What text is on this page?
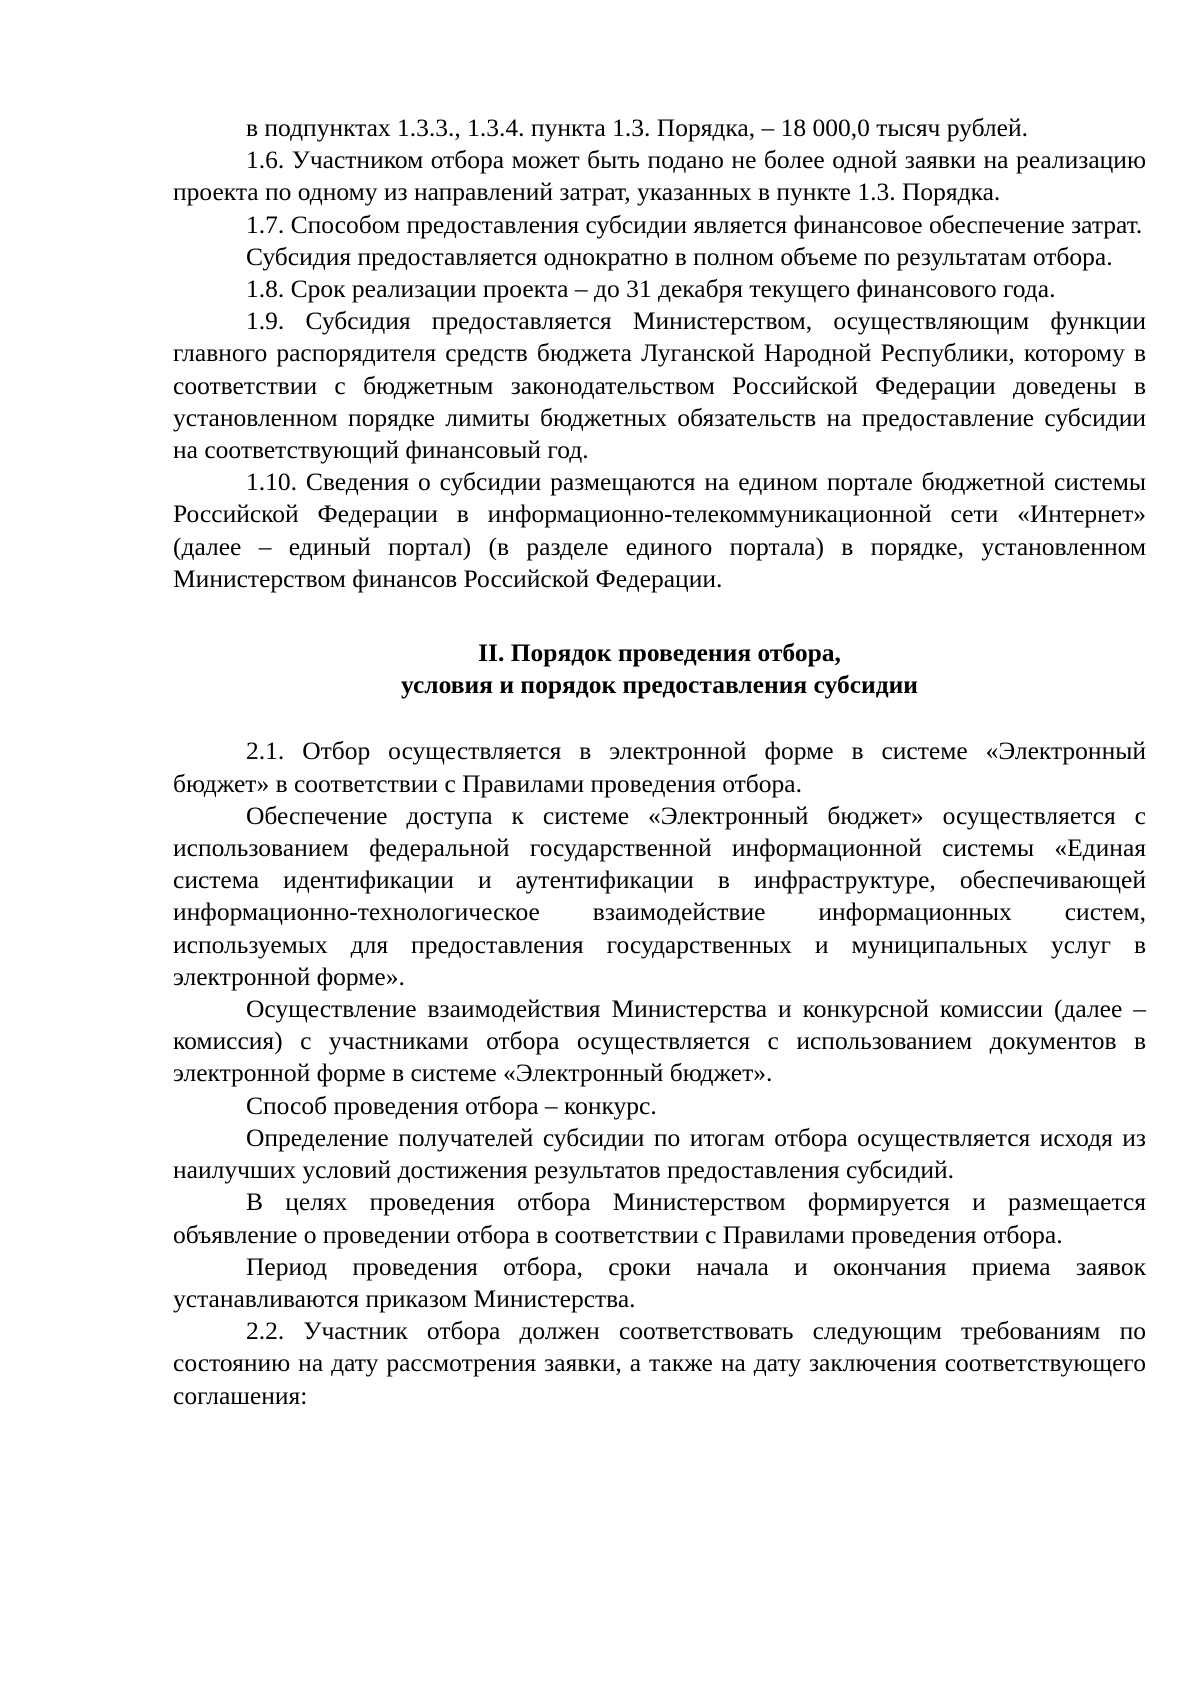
в подпунктах 1.3.3., 1.3.4. пункта 1.3. Порядка, – 18 000,0 тысяч рублей.

1.6. Участником отбора может быть подано не более одной заявки на реализацию проекта по одному из направлений затрат, указанных в пункте 1.3. Порядка.

1.7. Способом предоставления субсидии является финансовое обеспечение затрат.

Субсидия предоставляется однократно в полном объеме по результатам отбора.

1.8. Срок реализации проекта – до 31 декабря текущего финансового года.

1.9. Субсидия предоставляется Министерством, осуществляющим функции главного распорядителя средств бюджета Луганской Народной Республики, которому в соответствии с бюджетным законодательством Российской Федерации доведены в установленном порядке лимиты бюджетных обязательств на предоставление субсидии на соответствующий финансовый год.

1.10. Сведения о субсидии размещаются на едином портале бюджетной системы Российской Федерации в информационно-телекоммуникационной сети «Интернет» (далее – единый портал) (в разделе единого портала) в порядке, установленном Министерством финансов Российской Федерации.

II. Порядок проведения отбора,
условия и порядок предоставления субсидии

2.1. Отбор осуществляется в электронной форме в системе «Электронный бюджет» в соответствии с Правилами проведения отбора.

Обеспечение доступа к системе «Электронный бюджет» осуществляется с использованием федеральной государственной информационной системы «Единая система идентификации и аутентификации в инфраструктуре, обеспечивающей информационно-технологическое взаимодействие информационных систем, используемых для предоставления государственных и муниципальных услуг в электронной форме».

Осуществление взаимодействия Министерства и конкурсной комиссии (далее – комиссия) с участниками отбора осуществляется с использованием документов в электронной форме в системе «Электронный бюджет».

Способ проведения отбора – конкурс.

Определение получателей субсидии по итогам отбора осуществляется исходя из наилучших условий достижения результатов предоставления субсидий.

В целях проведения отбора Министерством формируется и размещается объявление о проведении отбора в соответствии с Правилами проведения отбора.

Период проведения отбора, сроки начала и окончания приема заявок устанавливаются приказом Министерства.

2.2. Участник отбора должен соответствовать следующим требованиям по состоянию на дату рассмотрения заявки, а также на дату заключения соответствующего соглашения:
